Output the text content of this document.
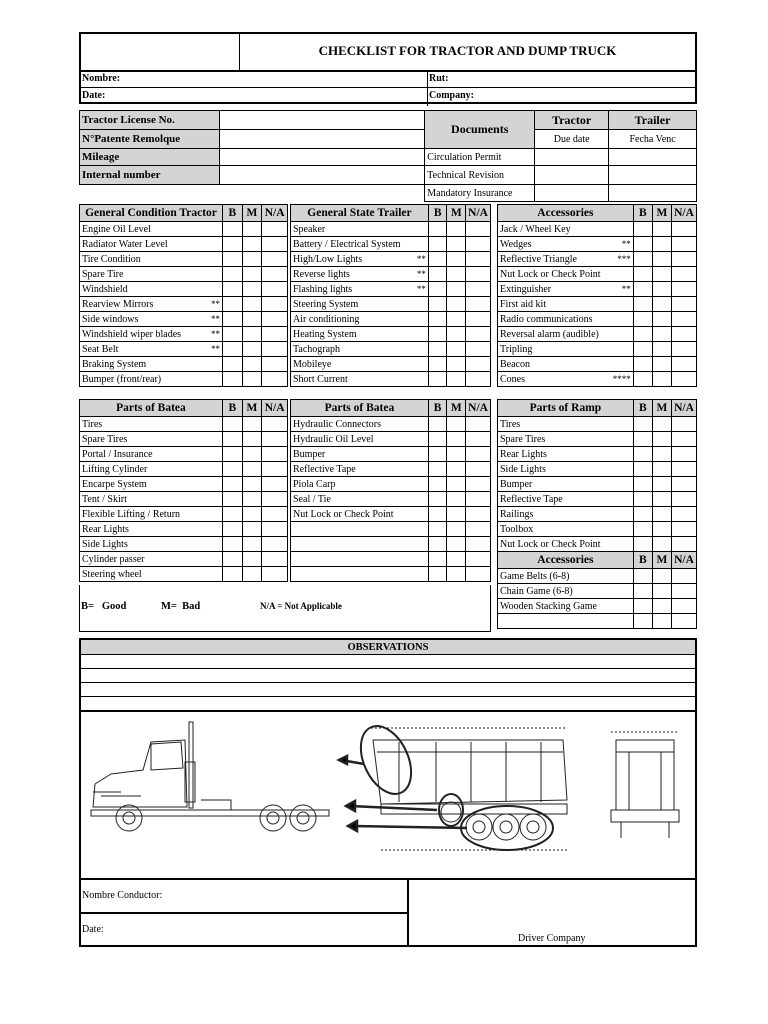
CHECKLIST FOR TRACTOR AND DUMP TRUCK
Nombre:	Rut:
Date:	Company:
Tractor License No.		Documents	Tractor	Trailer
N°Patente Remolque			Due date	Fecha Venc
Mileage		Circulation Permit		
Internal number		Technical Revision		
		Mandatory Insurance		
General Condition Tractor	B	M	N/A
Engine Oil Level

Radiator Water Level

Tire Condition

Spare Tire

Windshield

Rearview Mirrors **			

Side windows **			

Windshield wiper blades **			

Seat Belt **			

Braking System

Bumper (front/rear)

General State Trailer	B	M	N/A
Speaker

Battery / Electrical System

High/Low Lights **			

Reverse lights **			

Flashing lights **			

Steering System

Air conditioning

Heating System

Tachograph

Mobileye

Short Current

Accessories	B	M	N/A
Jack / Wheel Key

Wedges **			

Reflective Triangle ***			

Nut Lock or Check Point

Extinguisher **			

First aid kit

Radio communications

Reversal alarm (audible)

Tripling

Beacon

Cones ****			

Parts of Batea	B	M	N/A
Tires			
Spare Tires			
Portal / Insurance			
Lifting Cylinder			
Encarpe System			
Tent / Skirt			
Flexible Lifting / Return			
Rear Lights			
Side Lights			
Cylinder passer			
Steering wheel			
Parts of Batea	B	M	N/A
Hydraulic Connectors			
Hydraulic Oil Level			
Bumper			
Reflective Tape			
Piola Carp			
Seal / Tie			
Nut Lock or Check Point			

Parts of Ramp	B	M	N/A
Tires			
Spare Tires			
Rear Lights			
Side Lights			
Bumper			
Reflective Tape			
Railings			
Toolbox			
Nut Lock or Check Point			
Accessories	B	M	N/A
Game Belts (6-8)			
Chain Game (6-8)			
Wooden Stacking Game			

B=   Good	M=  Bad	N/A = Not Applicable
OBSERVATIONS
Nombre Conductor:
Date:
Driver Company
